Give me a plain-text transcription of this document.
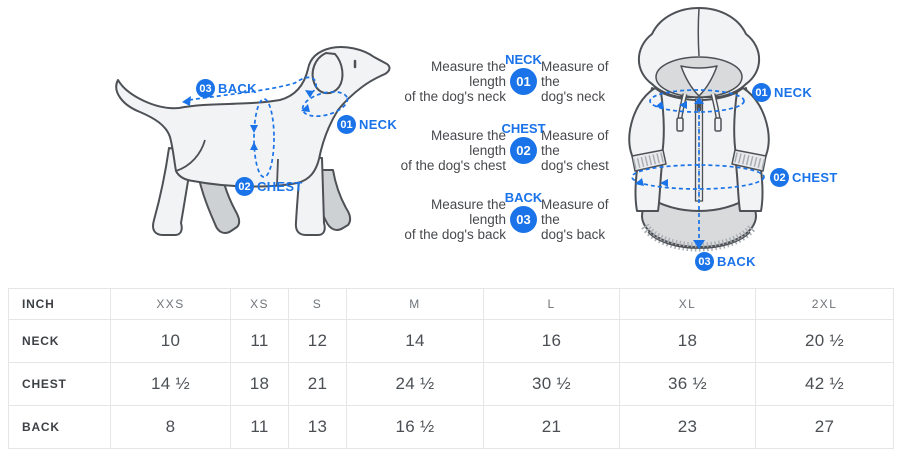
03 BACK
01 NECK
02 CHEST
Measure the length
of the dog's neck
NECK
01
Measure of the
dog's neck
Measure the length
of the dog's chest
CHEST
02
Measure of the
dog's chest
Measure the length
of the dog's back
BACK
03
Measure of the
dog's back
01 NECK
02 CHEST
03 BACK
INCH	XXS	XS	S	M	L	XL	2XL
NECK	10	11	12	14	16	18	20 ½
CHEST	14 ½	18	21	24 ½	30 ½	36 ½	42 ½
BACK	8	11	13	16 ½	21	23	27
